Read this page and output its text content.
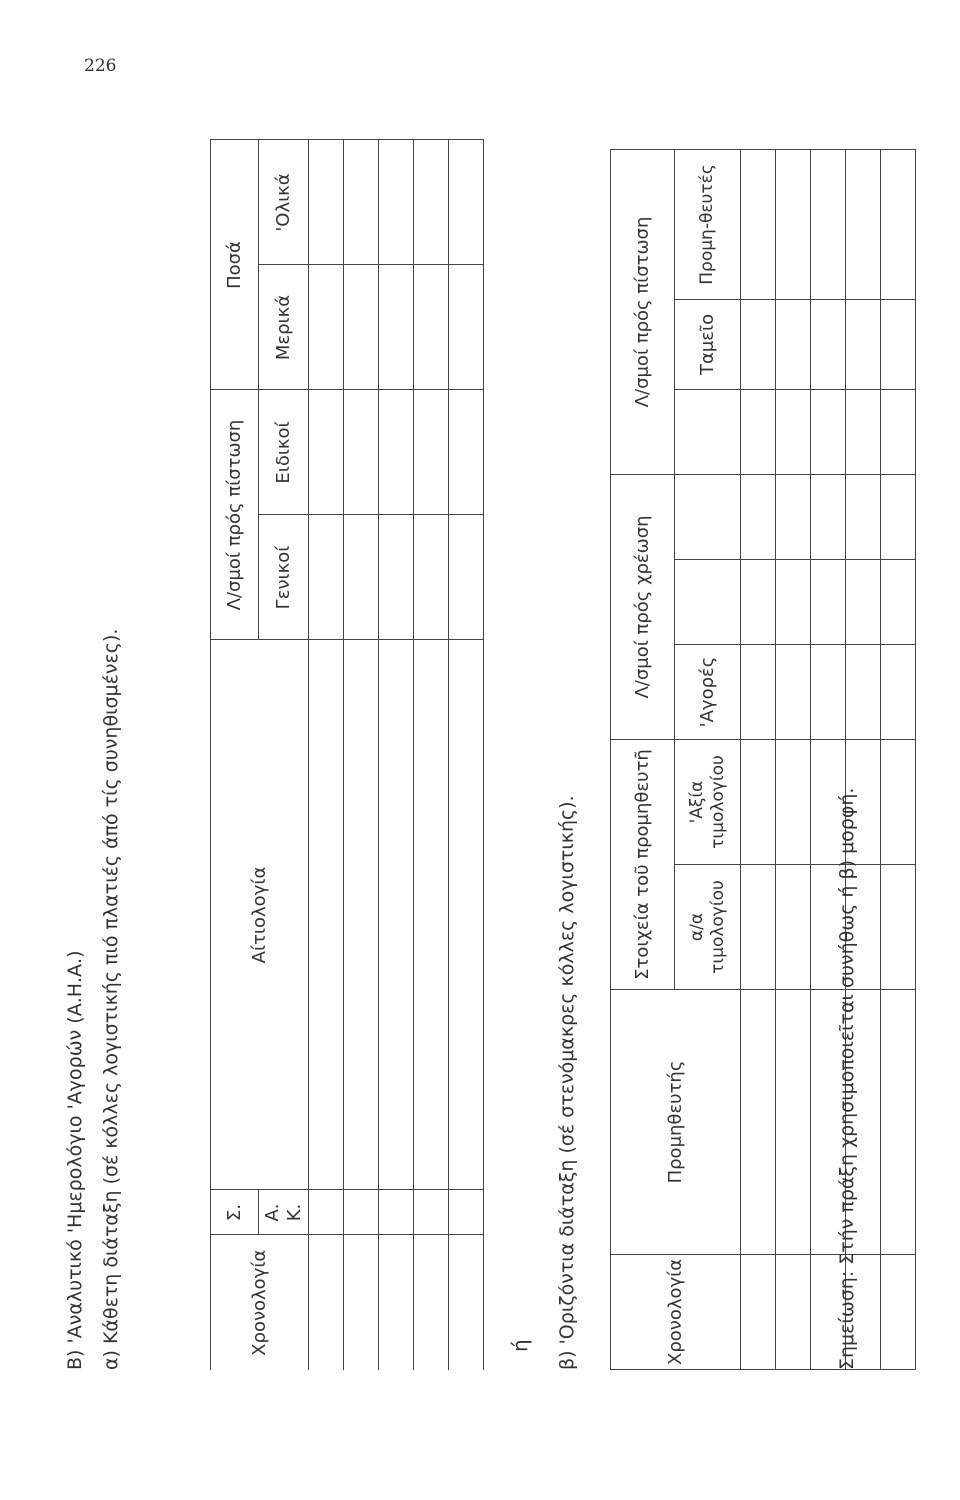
226
Β) 'Αναλυτικό 'Ημερολόγιο 'Αγορών (Α.Η.Α.) α) Κάθετη διάταξη (σέ κόλλες λογιστικής πιό πλατιές άπό τίς συνηθισμένες).	Χρονολογία	Σ.	Αίτιολογία	Λ/σμοί πρός πίστωση		Ποσά	

	Α. Κ.		Γενικοί	Ειδικοί	Μερικά	'Ολικά

ή β) 'Οριζόντια διάταξη (σέ στενόμακρες κόλλες λογιστικής).	Χρονολογία	Προμηθευτής	Στοιχεία τοῦ προμηθευτῆ		Λ/σμοί πρός χρέωση			Λ/σμοί πρός πίστωση		
		α/α τιμολογίου	'Αξία τιμολογίου	'Αγορές				Ταμεῖο	Προμη-θευτές

Σημείωση: Στήν πράξη χρησιμοποιεῖται συνήθως ή β) μορφή.
